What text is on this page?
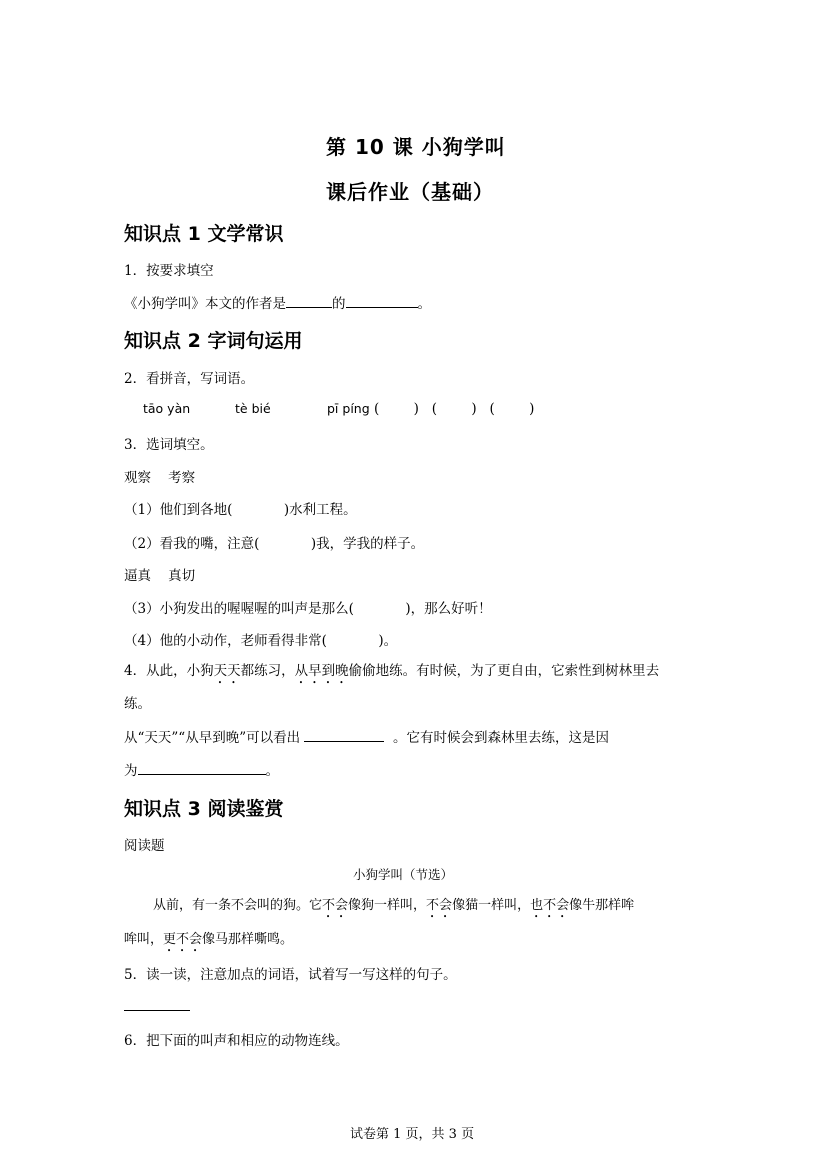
第 10 课 小狗学叫
课后作业（基础）
知识点 1 文学常识
1．按要求填空
《小狗学叫》本文的作者是	的	。
知识点 2 字词句运用
2．看拼音，写词语。
tāo yàn	tè bié	pī píng (        )   (        )   (        )
3．选词填空。
观察    考察
（1）他们到各地(            )水利工程。
（2）看我的嘴，注意(            )我，学我的样子。
逼真    真切
（3）小狗发出的喔喔喔的叫声是那么(            )，那么好听！
（4）他的小动作，老师看得非常(            )。
4．从此，小狗天天都练习，从早到晚偷偷地练。有时候，为了更自由，它索性到树林里去
练。
从“天天”“从早到晚”可以看出	。它有时候会到森林里去练，这是因
为	。
知识点 3 阅读鉴赏
阅读题
小狗学叫（节选）
从前，有一条不会叫的狗。它不会像狗一样叫，不会像猫一样叫，也不会像牛那样哞
哞叫，更不会像马那样嘶鸣。
5．读一读，注意加点的词语，试着写一写这样的句子。
6．把下面的叫声和相应的动物连线。
试卷第 1 页，共 3 页
